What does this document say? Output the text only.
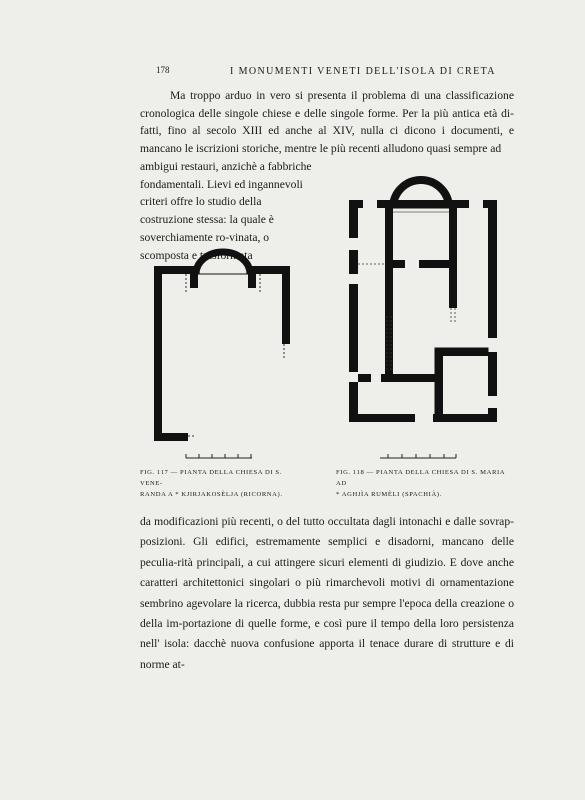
178	I MONUMENTI VENETI DELL'ISOLA DI CRETA
Ma troppo arduo in vero si presenta il problema di una classificazione cronologica delle singole chiese e delle singole forme. Per la più antica età di-fatti, fino al secolo XIII ed anche al XIV, nulla ci dicono i documenti, e mancano le iscrizioni storiche, mentre le più recenti alludono quasi sempre ad
ambigui restauri, anzichè a fabbriche fondamentali. Lievi ed ingannevoli criteri offre lo studio della costruzione stessa: la quale è soverchiamente ro-vinata, o scomposta e trasformata
FIG. 117 — PIANTA DELLA CHIESA DI S. VENE-
RANDA A * KJIRJAKOSÈLJA (RICORNA).
FIG. 118 — PIANTA DELLA CHIESA DI S. MARIA AD
* AGHJÌA RUMÈLI (SPACHIÀ).
da modificazioni più recenti, o del tutto occultata dagli intonachi e dalle sovrap-posizioni. Gli edifici, estremamente semplici e disadorni, mancano delle peculia-rità principali, a cui attingere sicuri elementi di giudizio. E dove anche caratteri architettonici singolari o più rimarchevoli motivi di ornamentazione sembrino agevolare la ricerca, dubbia resta pur sempre l'epoca della creazione o della im-portazione di quelle forme, e così pure il tempo della loro persistenza nell' isola: dacchè nuova confusione apporta il tenace durare di strutture e di norme at-
